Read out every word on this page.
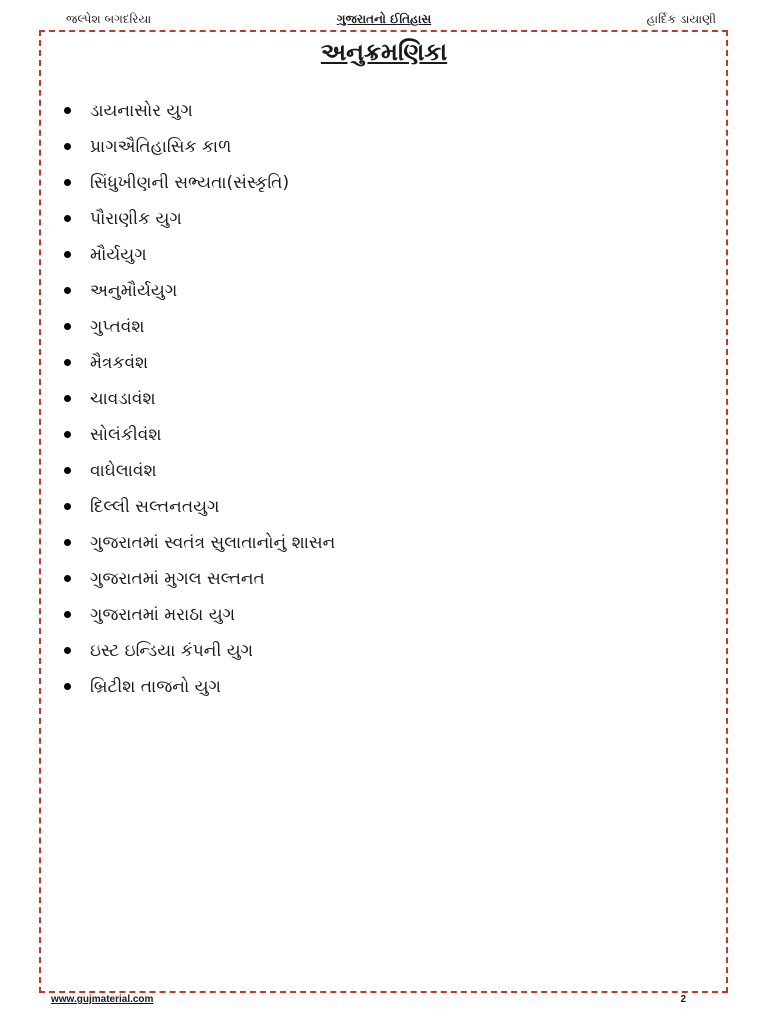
જલ્પેશ બગદરિયા	ગુજરાતનો ઈતિહાસ	હાર્દિક ડાયાણી
અનુક્રમણિકા
ડાયનાસોર યુગ
પ્રાગઐતિહાસિક કાળ
સિંધુખીણની સભ્યતા(સંસ્કૃતિ)
પૌરાણીક યુગ
મૌર્યયુગ
અનુમૌર્યયુગ
ગુપ્તવંશ
મૈત્રકવંશ
ચાવડાવંશ
સોલંકીવંશ
વાઘેલાવંશ
દિલ્લી સલ્તનતયુગ
ગુજરાતમાં સ્વતંત્ર સુલાતાનોનું શાસન
ગુજરાતમાં મુગલ સલ્તનત
ગુજરાતમાં મરાઠા યુગ
ઇસ્ટ ઇન્ડિયા કંપની યુગ
બ્રિટીશ તાજનો યુગ
www.gujmaterial.com	2
